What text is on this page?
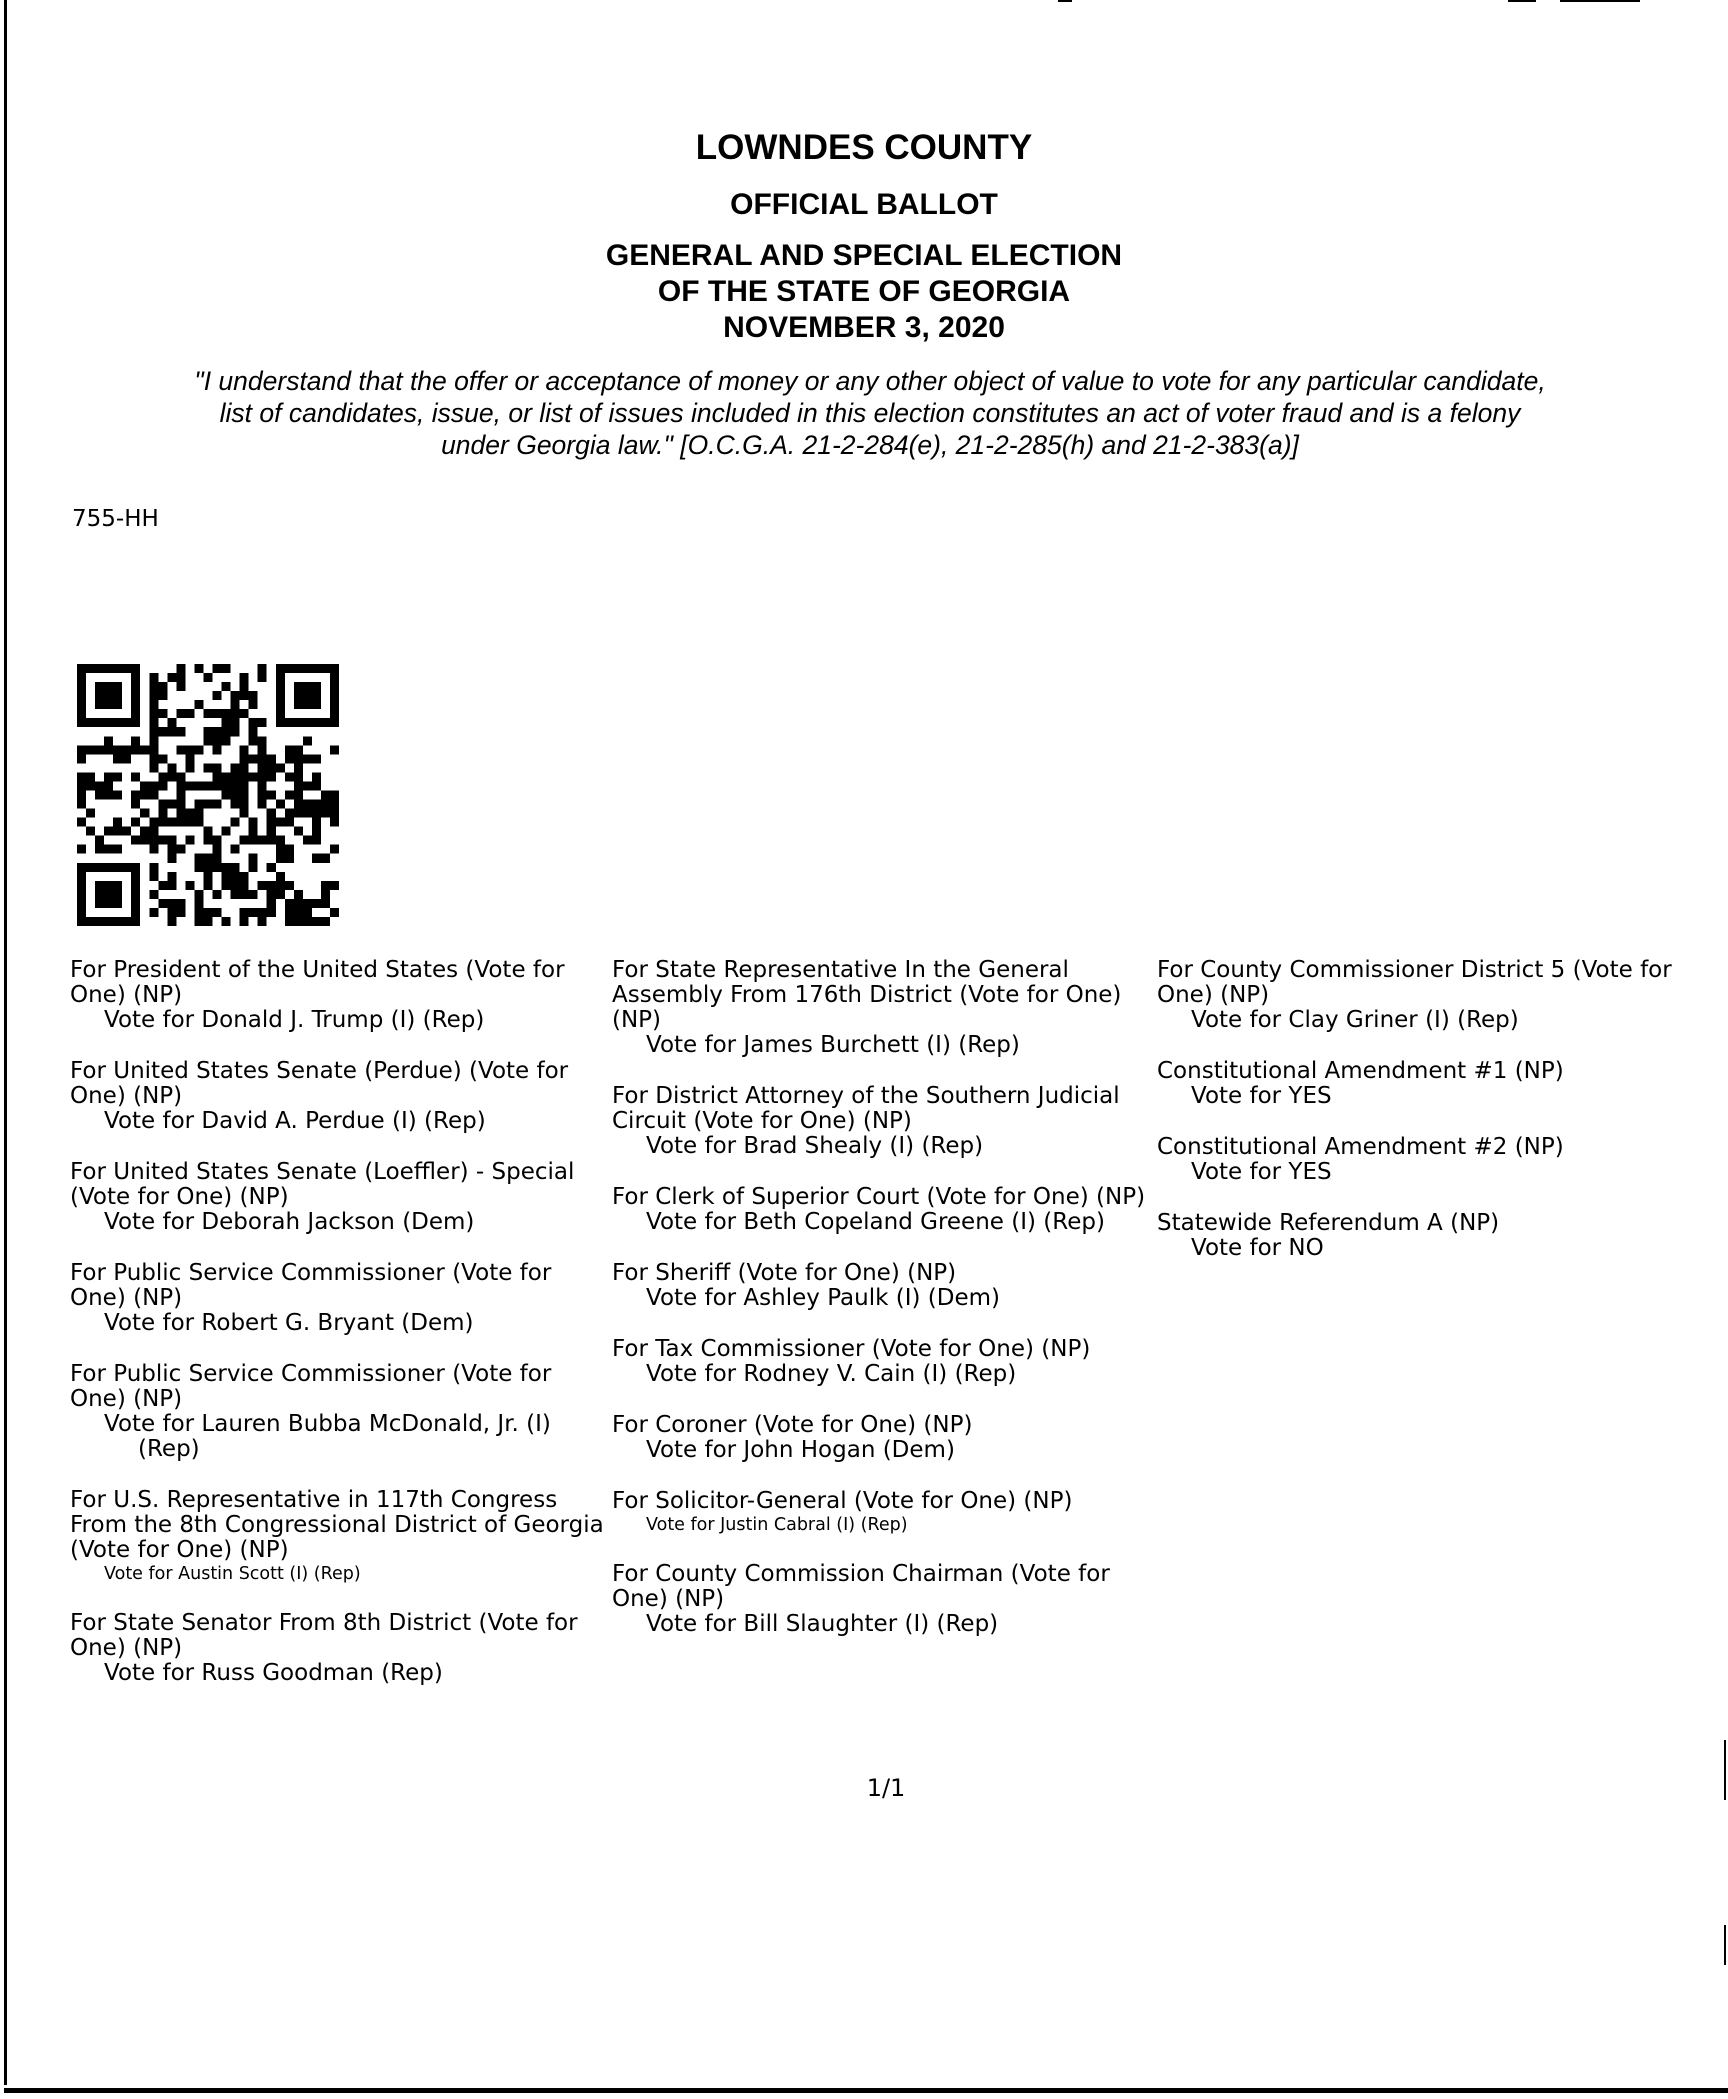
LOWNDES COUNTY
OFFICIAL BALLOT
GENERAL AND SPECIAL ELECTION
OF THE STATE OF GEORGIA
NOVEMBER 3, 2020
"I understand that the offer or acceptance of money or any other object of value to vote for any particular candidate,
list of candidates, issue, or list of issues included in this election constitutes an act of voter fraud and is a felony
under Georgia law." [O.C.G.A. 21-2-284(e), 21-2-285(h) and 21-2-383(a)]
755-HH
For President of the United States (Vote for One) (NP)
Vote for Donald J. Trump (I) (Rep)
For United States Senate (Perdue) (Vote for One) (NP)
Vote for David A. Perdue (I) (Rep)
For United States Senate (Loeffler) - Special (Vote for One) (NP)
Vote for Deborah Jackson (Dem)
For Public Service Commissioner (Vote for One) (NP)
Vote for Robert G. Bryant (Dem)
For Public Service Commissioner (Vote for One) (NP)
Vote for Lauren Bubba McDonald, Jr. (I) (Rep)
For U.S. Representative in 117th Congress From the 8th Congressional District of Georgia (Vote for One) (NP)
Vote for Austin Scott (I) (Rep)
For State Senator From 8th District (Vote for One) (NP)
Vote for Russ Goodman (Rep)
For State Representative In the General Assembly From 176th District (Vote for One) (NP)
Vote for James Burchett (I) (Rep)
For District Attorney of the Southern Judicial Circuit (Vote for One) (NP)
Vote for Brad Shealy (I) (Rep)
For Clerk of Superior Court (Vote for One) (NP)
Vote for Beth Copeland Greene (I) (Rep)
For Sheriff (Vote for One) (NP)
Vote for Ashley Paulk (I) (Dem)
For Tax Commissioner (Vote for One) (NP)
Vote for Rodney V. Cain (I) (Rep)
For Coroner (Vote for One) (NP)
Vote for John Hogan (Dem)
For Solicitor-General (Vote for One) (NP)
Vote for Justin Cabral (I) (Rep)
For County Commission Chairman (Vote for One) (NP)
Vote for Bill Slaughter (I) (Rep)
For County Commissioner District 5 (Vote for One) (NP)
Vote for Clay Griner (I) (Rep)
Constitutional Amendment #1 (NP)
Vote for YES
Constitutional Amendment #2 (NP)
Vote for YES
Statewide Referendum A (NP)
Vote for NO
1/1
